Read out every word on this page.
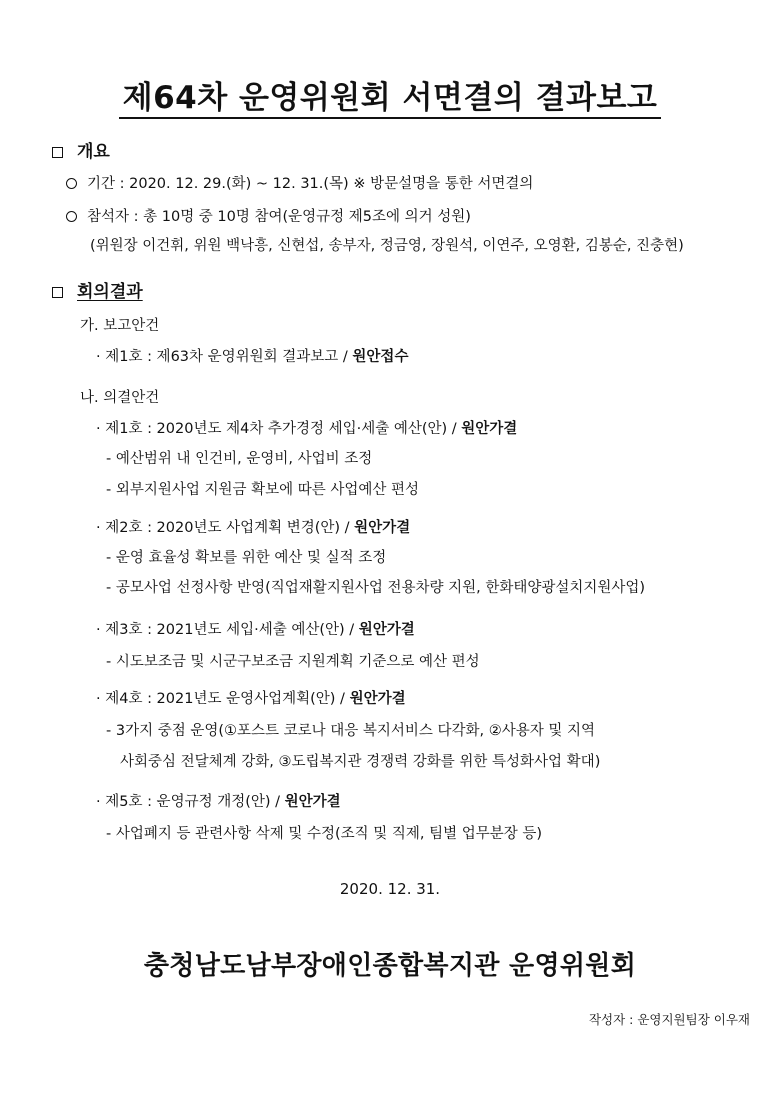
제64차 운영위원회 서면결의 결과보고
개요
기간 : 2020. 12. 29.(화) ~ 12. 31.(목) ※ 방문설명을 통한 서면결의
참석자 : 총 10명 중 10명 참여(운영규정 제5조에 의거 성원)
(위원장 이건휘, 위원 백낙흥, 신현섭, 송부자, 정금영, 장원석, 이연주, 오영환, 김봉순, 진충현)
회의결과
가. 보고안건
· 제1호 : 제63차 운영위원회 결과보고 / 원안접수
나. 의결안건
· 제1호 : 2020년도 제4차 추가경정 세입·세출 예산(안) / 원안가결
- 예산범위 내 인건비, 운영비, 사업비 조정
- 외부지원사업 지원금 확보에 따른 사업예산 편성
· 제2호 : 2020년도 사업계획 변경(안) / 원안가결
- 운영 효율성 확보를 위한 예산 및 실적 조정
- 공모사업 선정사항 반영(직업재활지원사업 전용차량 지원, 한화태양광설치지원사업)
· 제3호 : 2021년도 세입·세출 예산(안) / 원안가결
- 시도보조금 및 시군구보조금 지원계획 기준으로 예산 편성
· 제4호 : 2021년도 운영사업계획(안) / 원안가결
- 3가지 중점 운영(①포스트 코로나 대응 복지서비스 다각화, ②사용자 및 지역
사회중심 전달체계 강화, ③도립복지관 경쟁력 강화를 위한 특성화사업 확대)
· 제5호 : 운영규정 개정(안) / 원안가결
- 사업폐지 등 관련사항 삭제 및 수정(조직 및 직제, 팀별 업무분장 등)
2020. 12. 31.
충청남도남부장애인종합복지관 운영위원회
작성자 : 운영지원팀장 이우재
